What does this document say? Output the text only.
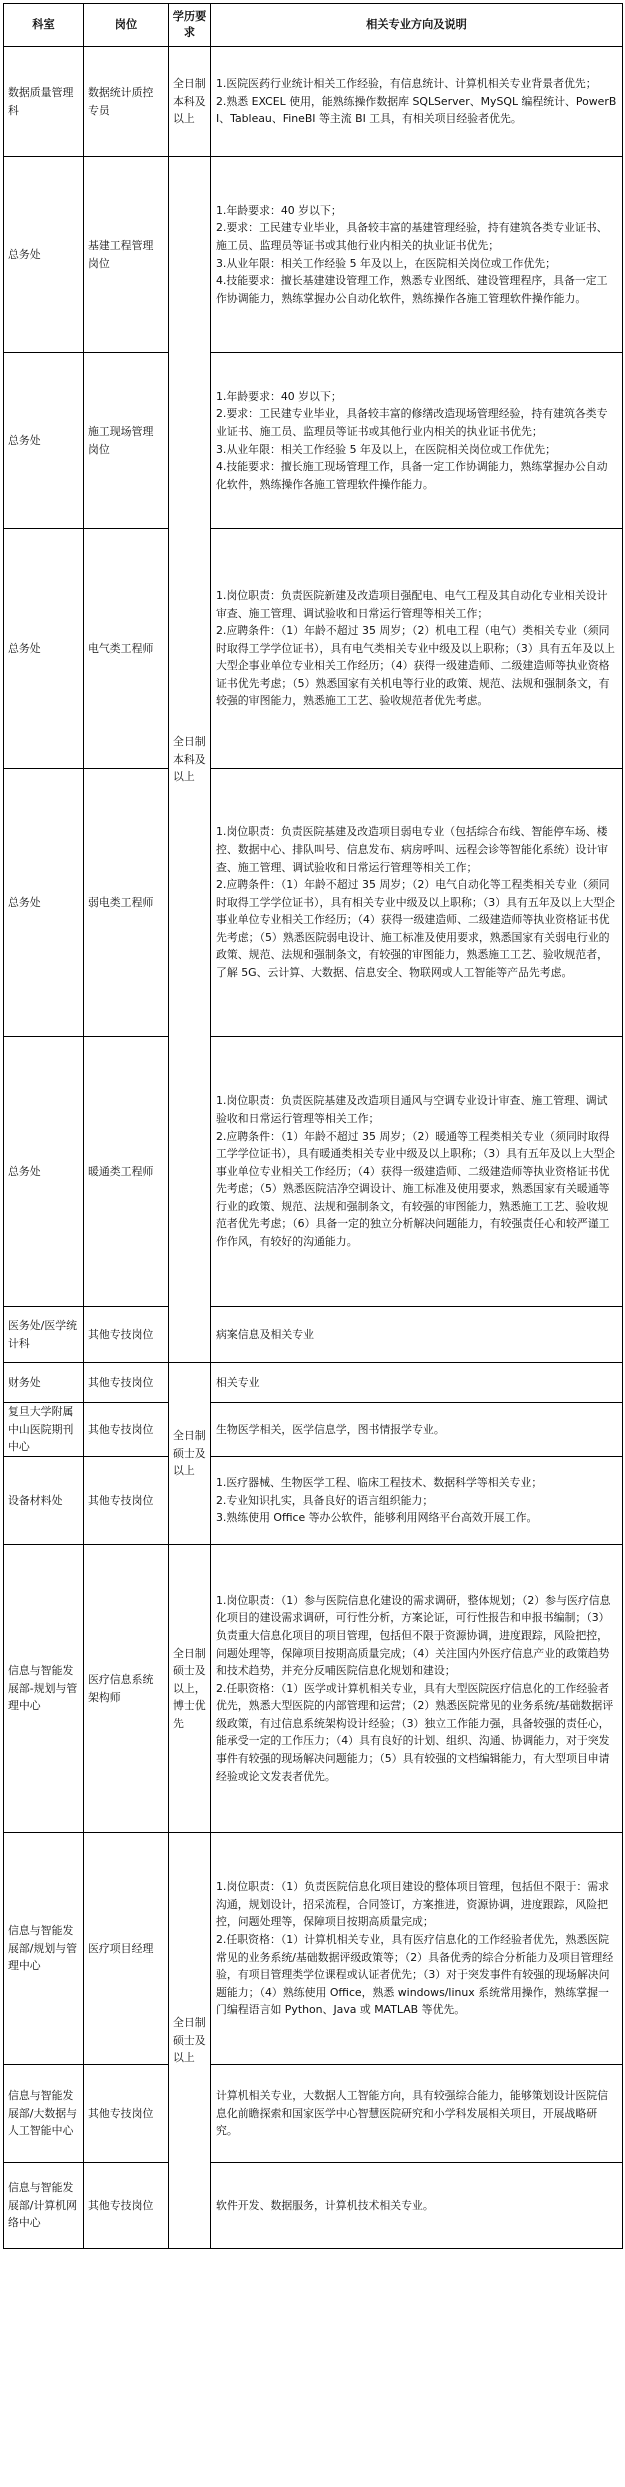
科室	岗位	学历要求	相关专业方向及说明
数据质量管理科	数据统计质控专员	全日制本科及以上	1.医院医药行业统计相关工作经验，有信息统计、计算机相关专业背景者优先；
2.熟悉 EXCEL 使用，能熟练操作数据库 SQLServer、MySQL 编程统计、PowerBI、Tableau、FineBI 等主流 BI 工具，有相关项目经验者优先。

总务处	基建工程管理岗位	全日制本科及以上	1.年龄要求：40 岁以下；
2.要求：工民建专业毕业，具备较丰富的基建管理经验，持有建筑各类专业证书、施工员、监理员等证书或其他行业内相关的执业证书优先；
3.从业年限：相关工作经验 5 年及以上，在医院相关岗位或工作优先；
4.技能要求：擅长基建建设管理工作，熟悉专业图纸、建设管理程序，具备一定工作协调能力，熟练掌握办公自动化软件，熟练操作各施工管理软件操作能力。

总务处	施工现场管理岗位		1.年龄要求：40 岁以下；
2.要求：工民建专业毕业，具备较丰富的修缮改造现场管理经验，持有建筑各类专业证书、施工员、监理员等证书或其他行业内相关的执业证书优先；
3.从业年限：相关工作经验 5 年及以上，在医院相关岗位或工作优先；
4.技能要求：擅长施工现场管理工作，具备一定工作协调能力，熟练掌握办公自动化软件，熟练操作各施工管理软件操作能力。

总务处	电气类工程师		1.岗位职责：负责医院新建及改造项目强配电、电气工程及其自动化专业相关设计审查、施工管理、调试验收和日常运行管理等相关工作；
2.应聘条件：（1）年龄不超过 35 周岁；（2）机电工程（电气）类相关专业（须同时取得工学学位证书），具有电气类相关专业中级及以上职称；（3）具有五年及以上大型企事业单位专业相关工作经历；（4）获得一级建造师、二级建造师等执业资格证书优先考虑；（5）熟悉国家有关机电等行业的政策、规范、法规和强制条文，有较强的审图能力，熟悉施工工艺、验收规范者优先考虑。

总务处	弱电类工程师		1.岗位职责：负责医院基建及改造项目弱电专业（包括综合布线、智能停车场、楼控、数据中心、排队叫号、信息发布、病房呼叫、远程会诊等智能化系统）设计审查、施工管理、调试验收和日常运行管理等相关工作；
2.应聘条件：（1）年龄不超过 35 周岁；（2）电气自动化等工程类相关专业（须同时取得工学学位证书），具有相关专业中级及以上职称；（3）具有五年及以上大型企事业单位专业相关工作经历；（4）获得一级建造师、二级建造师等执业资格证书优先考虑；（5）熟悉医院弱电设计、施工标准及使用要求，熟悉国家有关弱电行业的政策、规范、法规和强制条文，有较强的审图能力，熟悉施工工艺、验收规范者，了解 5G、云计算、大数据、信息安全、物联网或人工智能等产品先考虑。

总务处	暖通类工程师		1.岗位职责：负责医院基建及改造项目通风与空调专业设计审查、施工管理、调试验收和日常运行管理等相关工作；
2.应聘条件：（1）年龄不超过 35 周岁；（2）暖通等工程类相关专业（须同时取得工学学位证书），具有暖通类相关专业中级及以上职称；（3）具有五年及以上大型企事业单位专业相关工作经历；（4）获得一级建造师、二级建造师等执业资格证书优先考虑；（5）熟悉医院洁净空调设计、施工标准及使用要求，熟悉国家有关暖通等行业的政策、规范、法规和强制条文，有较强的审图能力，熟悉施工工艺、验收规范者优先考虑；（6）具备一定的独立分析解决问题能力，有较强责任心和较严谨工作作风，有较好的沟通能力。

医务处/医学统计科	其他专技岗位		病案信息及相关专业

财务处	其他专技岗位	全日制硕士及以上	相关专业

复旦大学附属中山医院期刊中心	其他专技岗位		生物医学相关，医学信息学，图书情报学专业。

设备材料处	其他专技岗位		1.医疗器械、生物医学工程、临床工程技术、数据科学等相关专业；
2.专业知识扎实，具备良好的语言组织能力；
3.熟练使用 Office 等办公软件，能够利用网络平台高效开展工作。

信息与智能发展部-规划与管理中心	医疗信息系统架构师	全日制硕士及以上，博士优先	1.岗位职责：（1）参与医院信息化建设的需求调研，整体规划；（2）参与医疗信息化项目的建设需求调研，可行性分析，方案论证，可行性报告和申报书编制；（3）负责重大信息化项目的项目管理，包括但不限于资源协调，进度跟踪，风险把控，问题处理等，保障项目按期高质量完成；（4）关注国内外医疗信息产业的政策趋势和技术趋势，并充分反哺医院信息化规划和建设；
2.任职资格：（1）医学或计算机相关专业，具有大型医院医疗信息化的工作经验者优先，熟悉大型医院的内部管理和运营；（2）熟悉医院常见的业务系统/基础数据评级政策，有过信息系统架构设计经验；（3）独立工作能力强，具备较强的责任心，能承受一定的工作压力；（4）具有良好的计划、组织、沟通、协调能力，对于突发事件有较强的现场解决问题能力；（5）具有较强的文档编辑能力，有大型项目申请经验或论文发表者优先。

信息与智能发展部/规划与管理中心	医疗项目经理	全日制硕士及以上	1.岗位职责：（1）负责医院信息化项目建设的整体项目管理，包括但不限于：需求沟通，规划设计，招采流程，合同签订，方案推进，资源协调，进度跟踪，风险把控，问题处理等，保障项目按期高质量完成；
2.任职资格：（1）计算机相关专业，具有医疗信息化的工作经验者优先，熟悉医院常见的业务系统/基础数据评级政策等；（2）具备优秀的综合分析能力及项目管理经验，有项目管理类学位课程或认证者优先；（3）对于突发事件有较强的现场解决问题能力；（4）熟练使用 Office，熟悉 windows/linux 系统常用操作，熟练掌握一门编程语言如 Python、Java 或 MATLAB 等优先。

信息与智能发展部/大数据与人工智能中心	其他专技岗位		计算机相关专业，大数据人工智能方向，具有较强综合能力，能够策划设计医院信息化前瞻探索和国家医学中心智慧医院研究和小学科发展相关项目，开展战略研究。

信息与智能发展部/计算机网络中心	其他专技岗位		软件开发、数据服务，计算机技术相关专业。
